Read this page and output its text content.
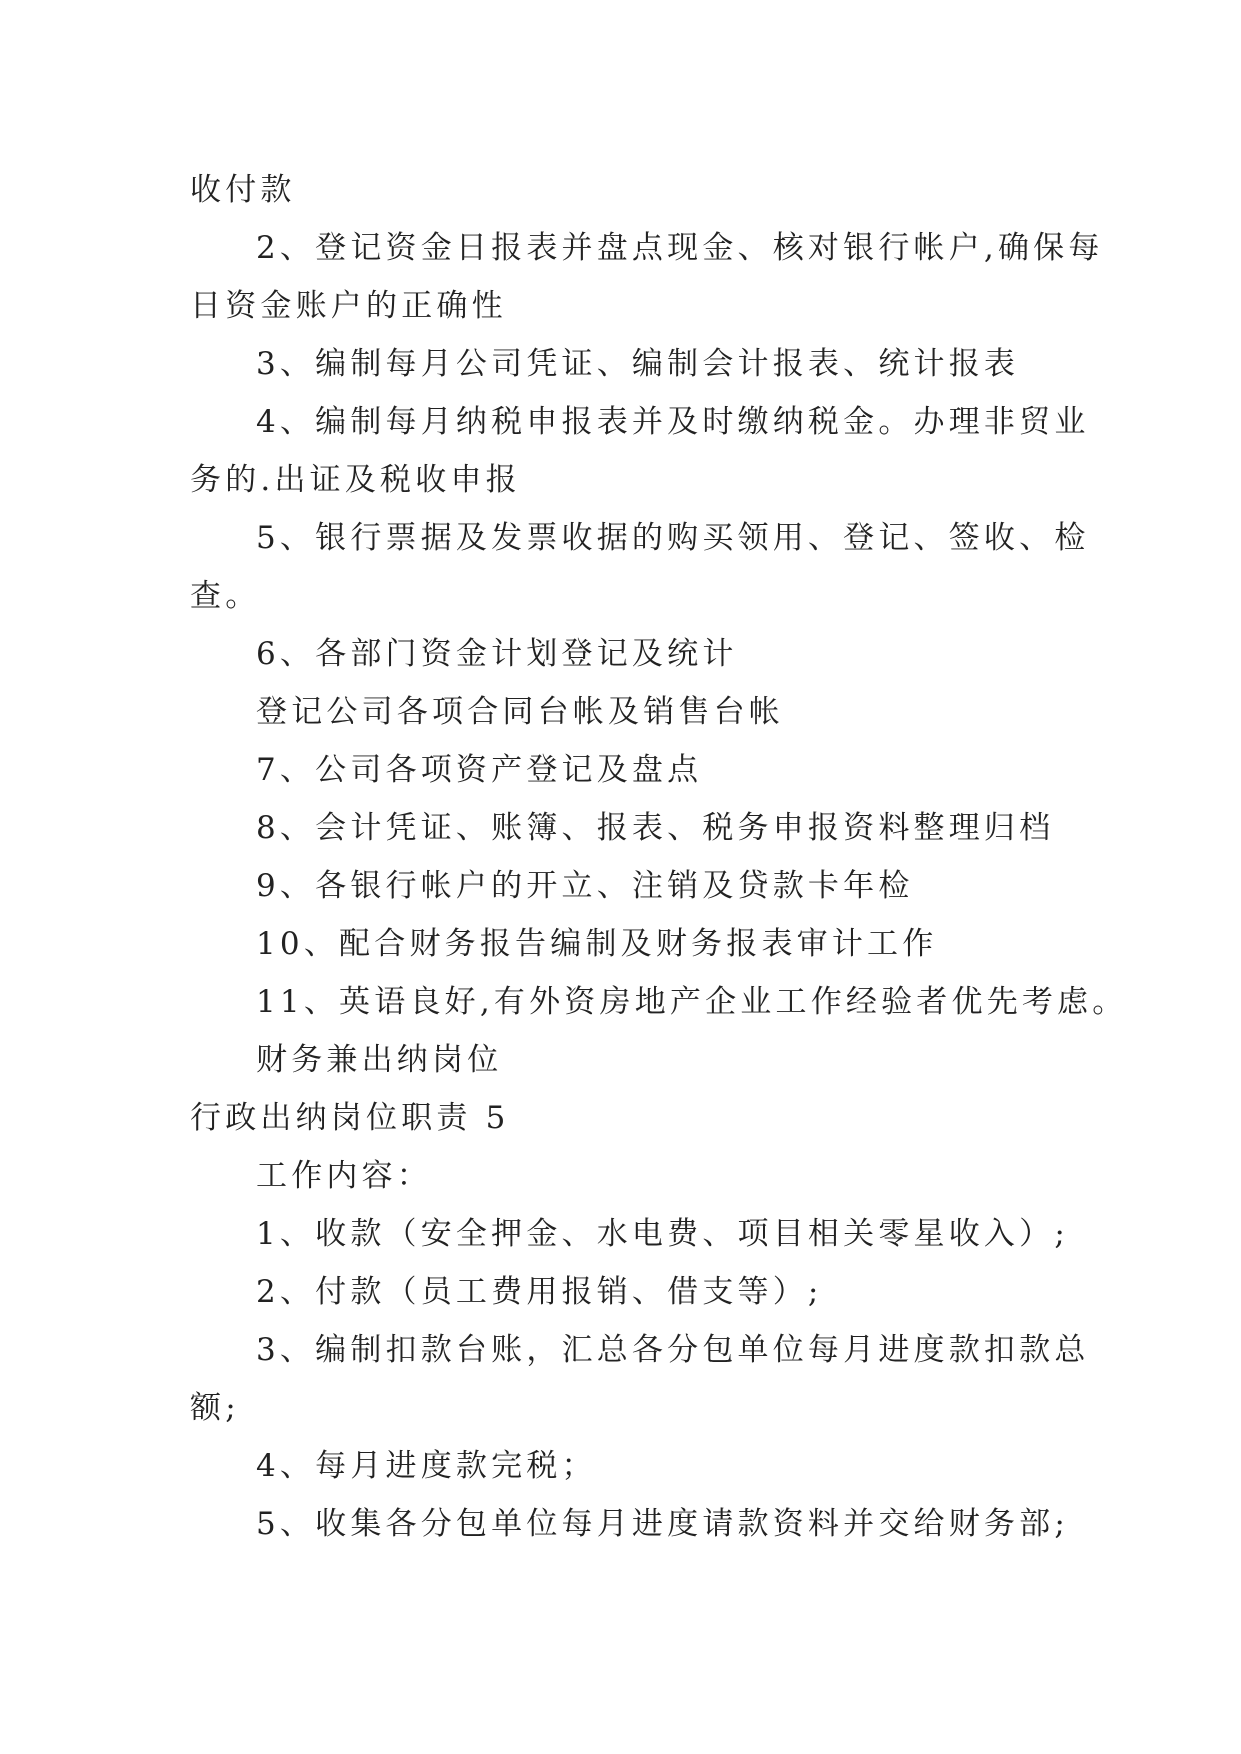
收付款
2、登记资金日报表并盘点现金、核对银行帐户,确保每
日资金账户的正确性
3、编制每月公司凭证、编制会计报表、统计报表
4、编制每月纳税申报表并及时缴纳税金。办理非贸业
务的.出证及税收申报
5、银行票据及发票收据的购买领用、登记、签收、检
查。
6、各部门资金计划登记及统计
登记公司各项合同台帐及销售台帐
7、公司各项资产登记及盘点
8、会计凭证、账簿、报表、税务申报资料整理归档
9、各银行帐户的开立、注销及贷款卡年检
10、配合财务报告编制及财务报表审计工作
11、英语良好,有外资房地产企业工作经验者优先考虑。
财务兼出纳岗位
行政出纳岗位职责 5
工作内容：
1、收款（安全押金、水电费、项目相关零星收入）;
2、付款（员工费用报销、借支等）;
3、编制扣款台账，汇总各分包单位每月进度款扣款总
额;
4、每月进度款完税；
5、收集各分包单位每月进度请款资料并交给财务部;
